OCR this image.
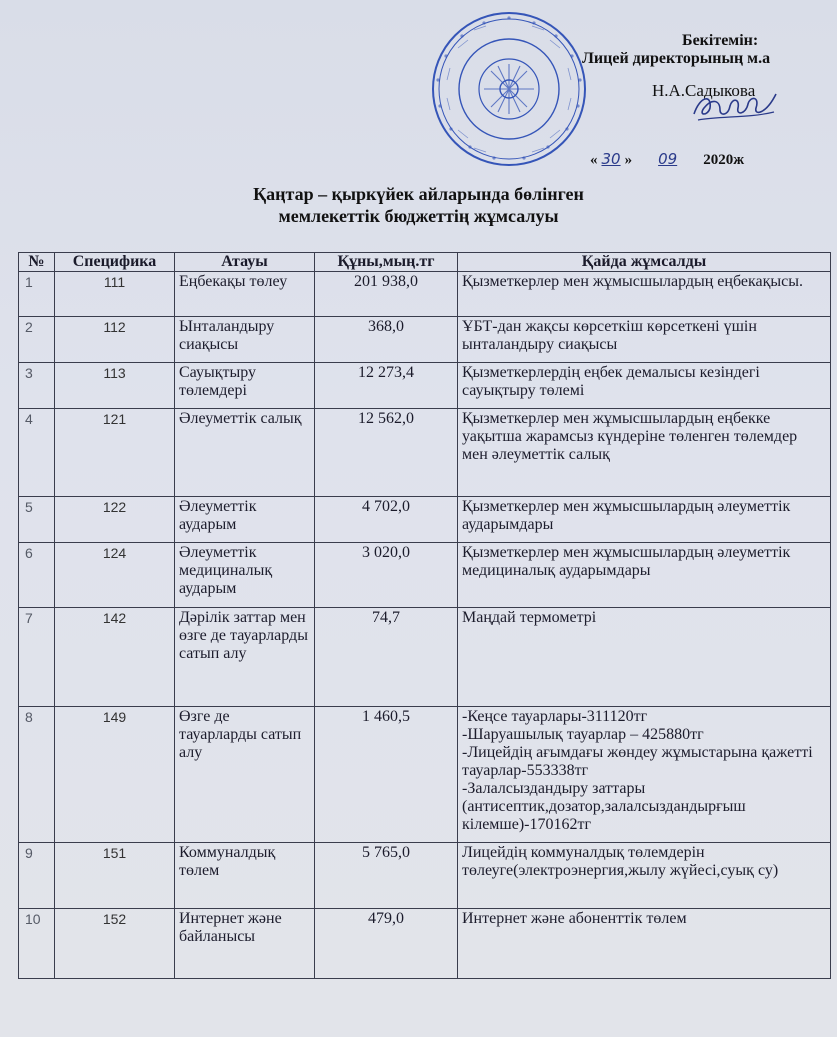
Бекітемін:
Лицей директорының м.а
Н.А.Садыкова
« 30 » 09 2020ж
Қаңтар – қыркүйек айларында бөлінген
мемлекеттік бюджеттің жұмсалуы
№	Специфика	Атауы	Құны,мың.тг	Қайда жұмсалды
1	111	Еңбекақы төлеу	201 938,0	Қызметкерлер мен жұмысшылардың еңбекақысы.

2	112	Ынталандыру сиақысы	368,0	ҰБТ-дан жақсы көрсеткіш көрсеткені үшін ынталандыру сиақысы

3	113	Сауықтыру төлемдері	12 273,4	Қызметкерлердің еңбек демалысы кезіндегі сауықтыру төлемі

4	121	Әлеуметтік салық	12 562,0	Қызметкерлер мен жұмысшылардың еңбекке уақытша жарамсыз күндеріне төленген төлемдер мен әлеуметтік салық

5	122	Әлеуметтік аударым	4 702,0	Қызметкерлер мен жұмысшылардың әлеуметтік аударымдары

6	124	Әлеуметтік медициналық аударым	3 020,0	Қызметкерлер мен жұмысшылардың әлеуметтік медициналық аударымдары

7	142	Дәрілік заттар мен өзге де тауарларды сатып алу	74,7	Маңдай термометрі

8	149	Өзге де тауарларды сатып алу	1 460,5	-Кеңсе тауарлары-311120тг
-Шаруашылық тауарлар – 425880тг
-Лицейдің ағымдағы жөндеу жұмыстарына қажетті тауарлар-553338тг
-Залалсыздандыру заттары (антисептик,дозатор,залалсыздандырғыш кілемше)-170162тг

9	151	Коммуналдық төлем	5 765,0	Лицейдің коммуналдық төлемдерін төлеуге(электроэнергия,жылу жүйесі,суық су)

10	152	Интернет және байланысы	479,0	Интернет және абоненттік төлем
